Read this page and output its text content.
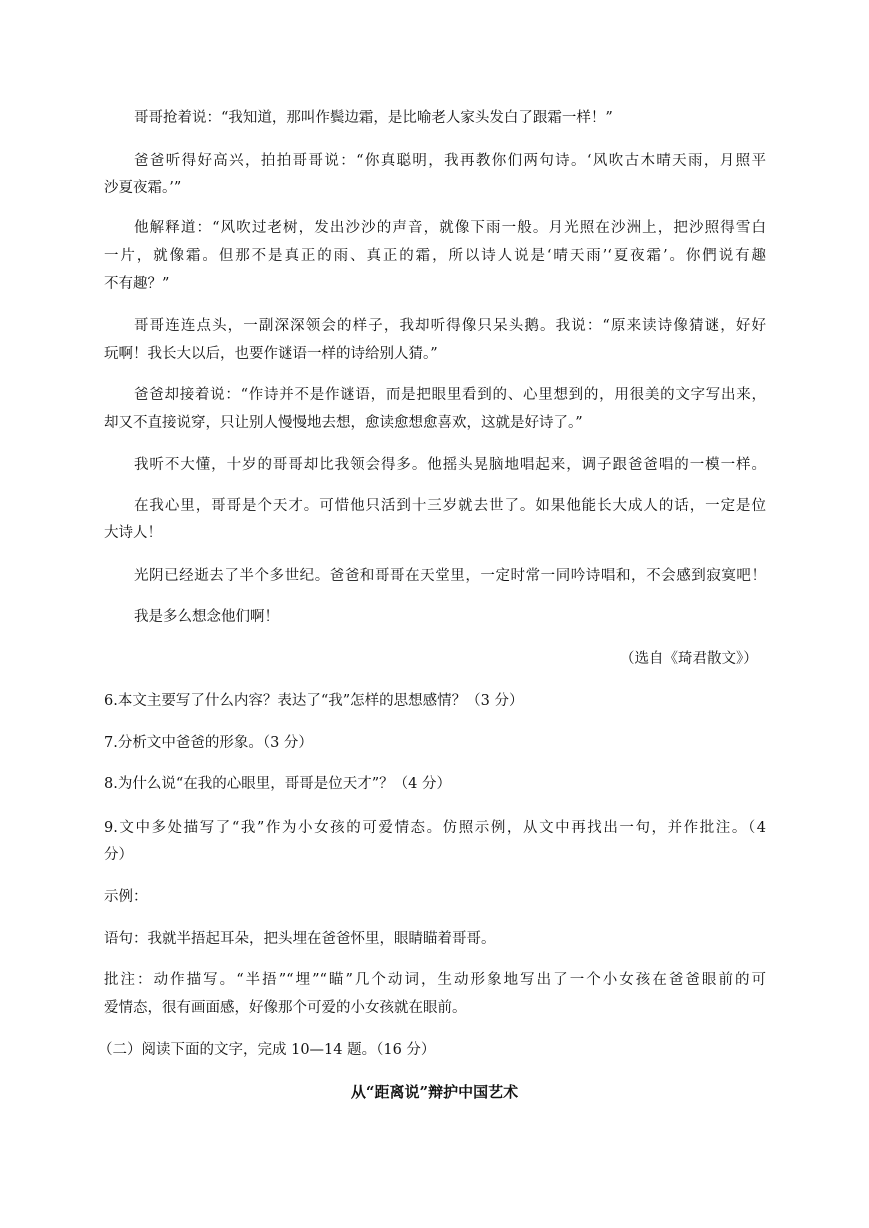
哥哥抢着说：“我知道，那叫作鬓边霜，是比喻老人家头发白了跟霜一样！”
爸爸听得好高兴，拍拍哥哥说：“你真聪明，我再教你们两句诗。‘风吹古木晴天雨，月照平
沙夏夜霜。’”
他解释道：“风吹过老树，发出沙沙的声音，就像下雨一般。月光照在沙洲上，把沙照得雪白
一片，就像霜。但那不是真正的雨、真正的霜，所以诗人说是‘晴天雨’‘夏夜霜’。你們说有趣
不有趣？”
哥哥连连点头，一副深深领会的样子，我却听得像只呆头鹅。我说：“原来读诗像猜谜，好好
玩啊！我长大以后，也要作谜语一样的诗给别人猜。”
爸爸却接着说：“作诗并不是作谜语，而是把眼里看到的、心里想到的，用很美的文字写出来，
却又不直接说穿，只让别人慢慢地去想，愈读愈想愈喜欢，这就是好诗了。”
我听不大懂，十岁的哥哥却比我领会得多。他摇头晃脑地唱起来，调子跟爸爸唱的一模一样。
在我心里，哥哥是个天才。可惜他只活到十三岁就去世了。如果他能长大成人的话，一定是位
大诗人！
光阴已经逝去了半个多世纪。爸爸和哥哥在天堂里，一定时常一同吟诗唱和，不会感到寂寞吧！
我是多么想念他们啊！
（选自《琦君散文》）
6.本文主要写了什么内容？表达了“我”怎样的思想感情？（3 分）
7.分析文中爸爸的形象。（3 分）
8.为什么说“在我的心眼里，哥哥是位天才”？（4 分）
9.文中多处描写了“我”作为小女孩的可爱情态。仿照示例，从文中再找出一句，并作批注。（4
分）
示例：
语句：我就半捂起耳朵，把头埋在爸爸怀里，眼睛瞄着哥哥。
批注：动作描写。“半捂”“埋”“瞄”几个动词，生动形象地写出了一个小女孩在爸爸眼前的可
爱情态，很有画面感，好像那个可爱的小女孩就在眼前。
（二）阅读下面的文字，完成 10—14 题。（16 分）
从“距离说”辩护中国艺术
